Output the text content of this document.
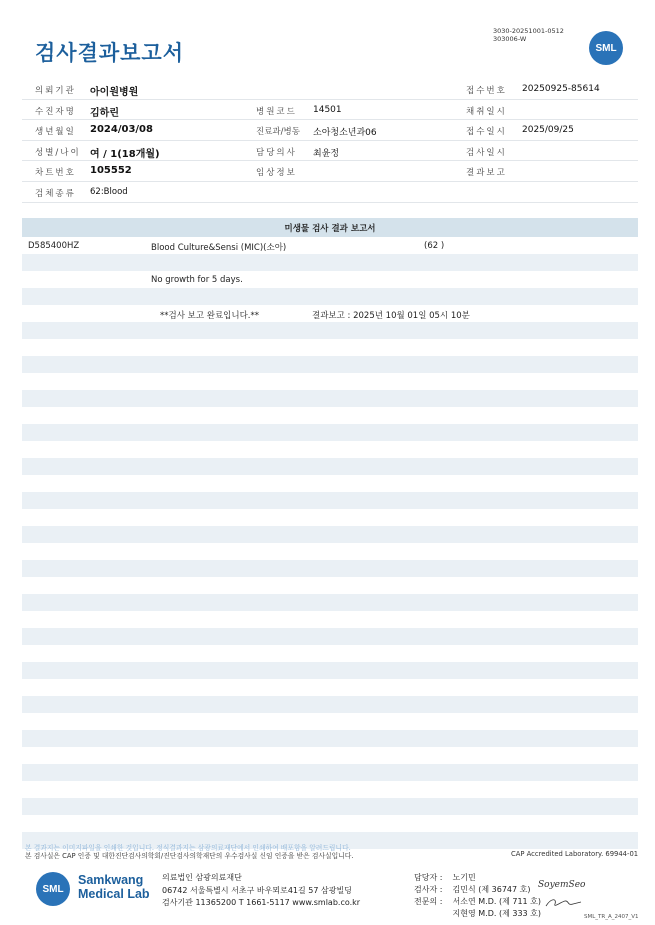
검사결과보고서
3030-20251001-0512
303006-W
SML
의뢰기관 아이원병원	접수번호 20250925-85614
수진자명 김하린	병원코드 14501	채취일시
생년월일 2024/03/08	진료과/병동 소아청소년과06	접수일시 2025/09/25
성별/나이 여 / 1(18개월)	담당의사 최윤정	검사일시
차트번호 105552	임상정보	결과보고
검체종류 62:Blood
미생물 검사 결과 보고서
D585400HZ	Blood Culture&Sensi (MIC)(소아)	(62 )
No growth for 5 days.
**검사 보고 완료입니다.**	결과보고 : 2025년 10월 01일 05시 10분
본 결과지는 이미지파일을 인쇄한 것입니다. 정식결과지는 삼광의료재단에서 인쇄하여 배포함을 알려드립니다.
본 검사실은 CAP 인증 및 대한진단검사의학회/진단검사의학재단의 우수검사실 신임 인증을 받은 검사실입니다.	CAP Accredited Laboratory. 69944-01
SML
Samkwang
Medical Lab
의료법인 삼광의료재단
06742 서울특별시 서초구 바우뫼로41길 57 삼광빌딩
검사기관 11365200 T 1661-5117 www.smlab.co.kr
담당자 : 노기민
검사자 : 김민식 (제 36747 호)
전문의 : 서소연 M.D. (제 711 호)
지현영 M.D. (제 333 호)
SoyemSeo
SML_TR_A_2407_V1
